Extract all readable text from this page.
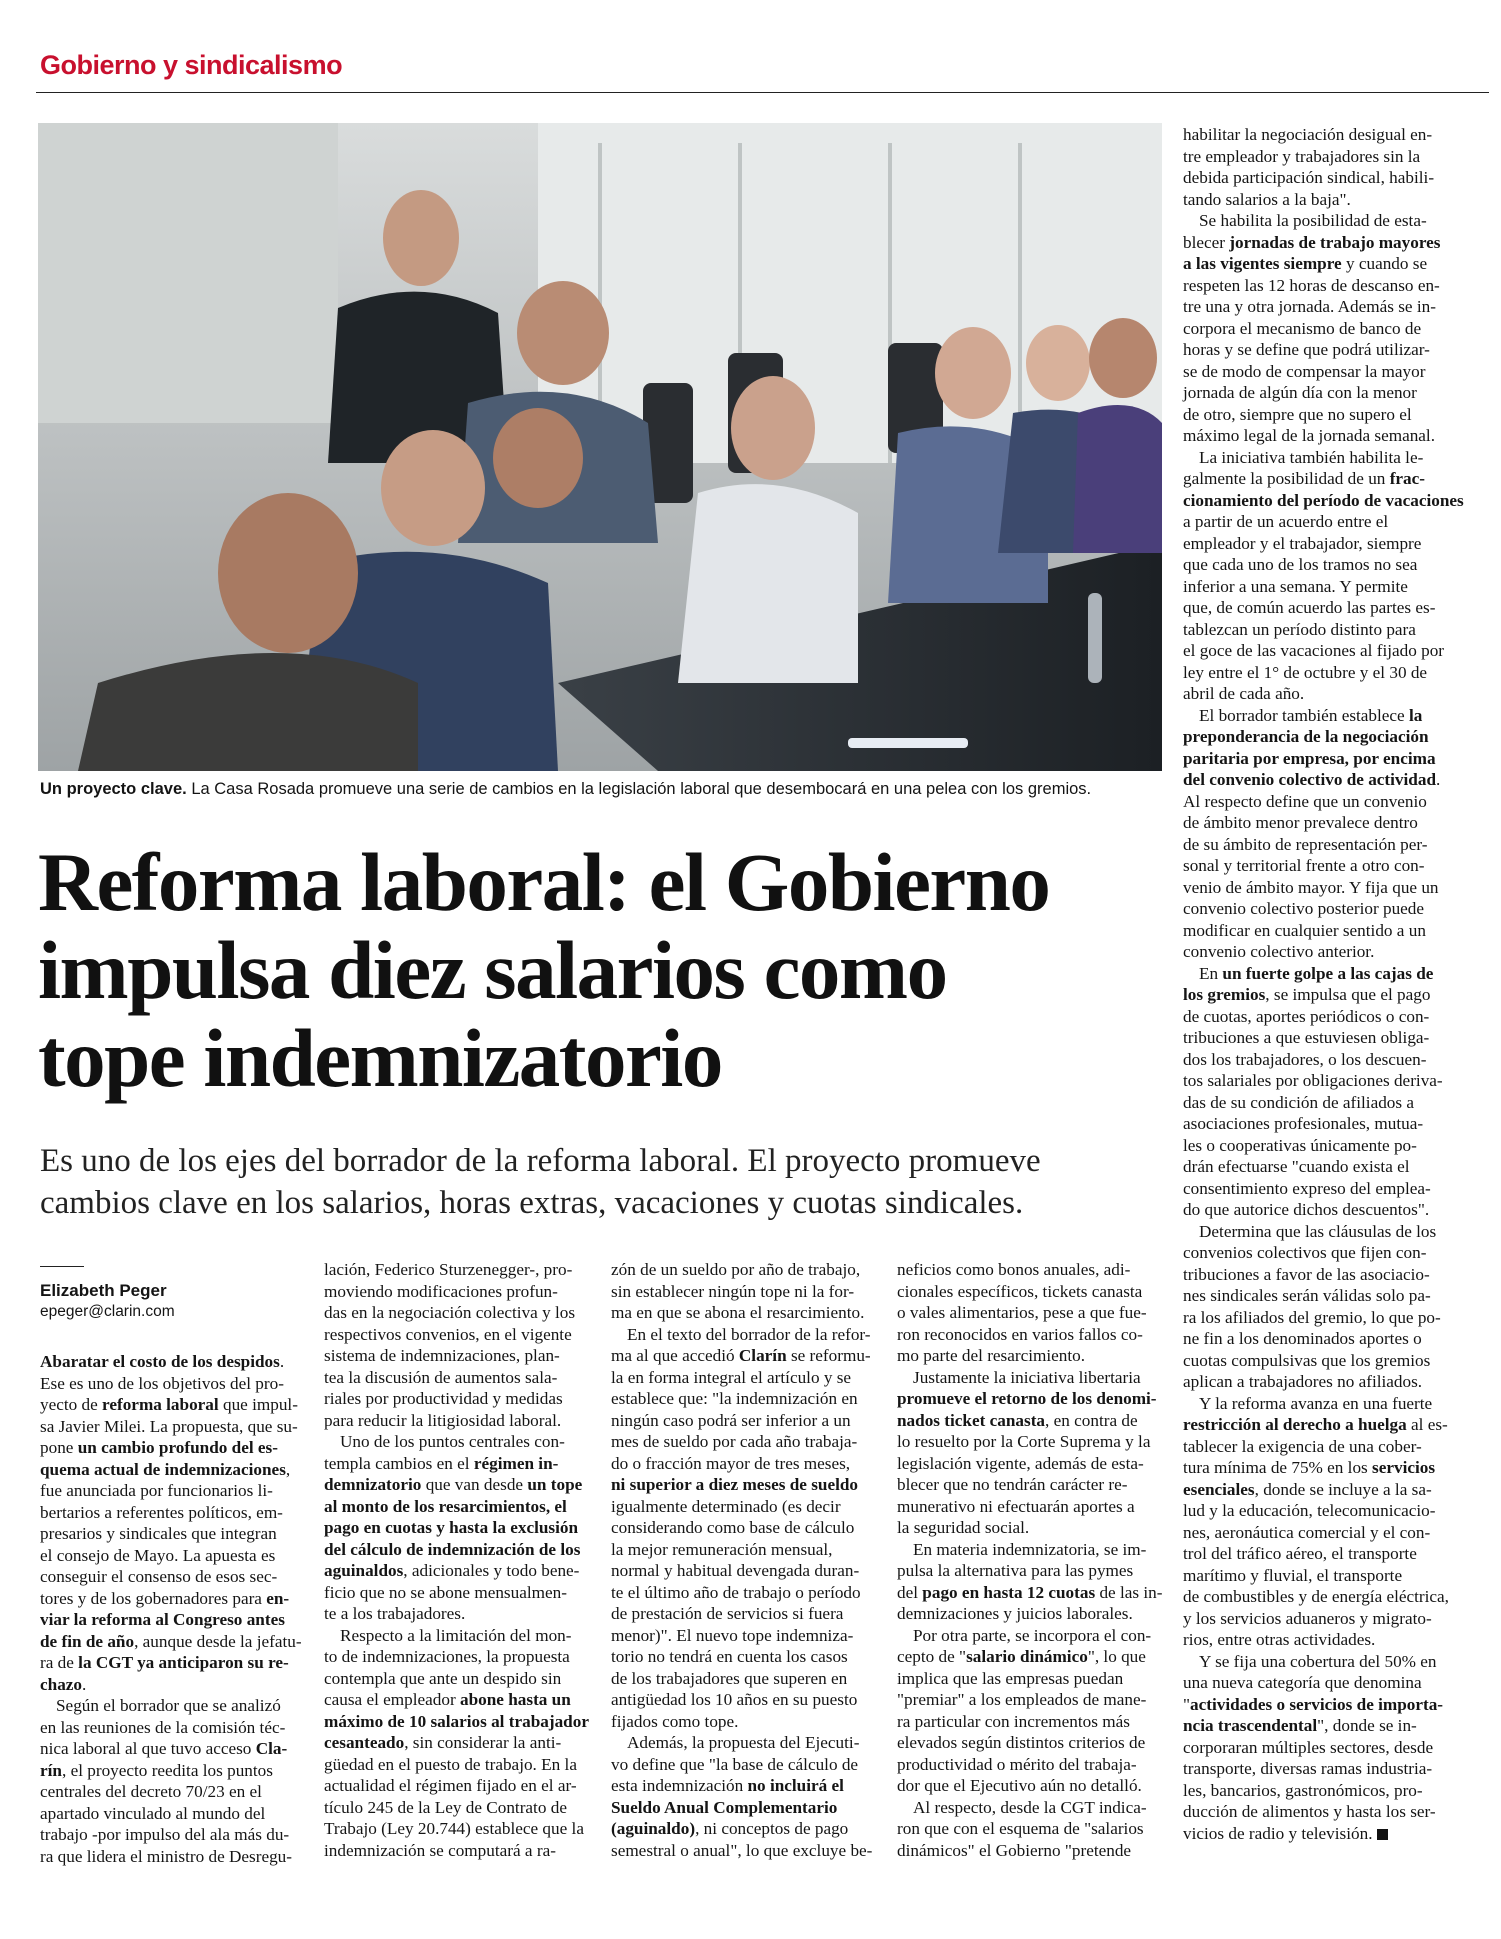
Gobierno y sindicalismo
Un proyecto clave. La Casa Rosada promueve una serie de cambios en la legislación laboral que desembocará en una pelea con los gremios.
Reforma laboral: el Gobierno
impulsa diez salarios como
tope indemnizatorio
Es uno de los ejes del borrador de la reforma laboral. El proyecto promueve
cambios clave en los salarios, horas extras, vacaciones y cuotas sindicales.
Elizabeth Peger
epeger@clarin.com
Abaratar el costo de los despidos.
Ese es uno de los objetivos del pro-
yecto de reforma laboral que impul-
sa Javier Milei. La propuesta, que su-
pone un cambio profundo del es-
quema actual de indemnizaciones,
fue anunciada por funcionarios li-
bertarios a referentes políticos, em-
presarios y sindicales que integran
el consejo de Mayo. La apuesta es
conseguir el consenso de esos sec-
tores y de los gobernadores para en-
viar la reforma al Congreso antes
de fin de año, aunque desde la jefatu-
ra de la CGT ya anticiparon su re-
chazo.
Según el borrador que se analizó
en las reuniones de la comisión téc-
nica laboral al que tuvo acceso Cla-
rín, el proyecto reedita los puntos
centrales del decreto 70/23 en el
apartado vinculado al mundo del
trabajo -por impulso del ala más du-
ra que lidera el ministro de Desregu-
lación, Federico Sturzenegger-, pro-
moviendo modificaciones profun-
das en la negociación colectiva y los
respectivos convenios, en el vigente
sistema de indemnizaciones, plan-
tea la discusión de aumentos sala-
riales por productividad y medidas
para reducir la litigiosidad laboral.
Uno de los puntos centrales con-
templa cambios en el régimen in-
demnizatorio que van desde un tope
al monto de los resarcimientos, el
pago en cuotas y hasta la exclusión
del cálculo de indemnización de los
aguinaldos, adicionales y todo bene-
ficio que no se abone mensualmen-
te a los trabajadores.
Respecto a la limitación del mon-
to de indemnizaciones, la propuesta
contempla que ante un despido sin
causa el empleador abone hasta un
máximo de 10 salarios al trabajador
cesanteado, sin considerar la anti-
güedad en el puesto de trabajo. En la
actualidad el régimen fijado en el ar-
tículo 245 de la Ley de Contrato de
Trabajo (Ley 20.744) establece que la
indemnización se computará a ra-
zón de un sueldo por año de trabajo,
sin establecer ningún tope ni la for-
ma en que se abona el resarcimiento.
En el texto del borrador de la refor-
ma al que accedió Clarín se reformu-
la en forma integral el artículo y se
establece que: "la indemnización en
ningún caso podrá ser inferior a un
mes de sueldo por cada año trabaja-
do o fracción mayor de tres meses,
ni superior a diez meses de sueldo
igualmente determinado (es decir
considerando como base de cálculo
la mejor remuneración mensual,
normal y habitual devengada duran-
te el último año de trabajo o período
de prestación de servicios si fuera
menor)". El nuevo tope indemniza-
torio no tendrá en cuenta los casos
de los trabajadores que superen en
antigüedad los 10 años en su puesto
fijados como tope.
Además, la propuesta del Ejecuti-
vo define que "la base de cálculo de
esta indemnización no incluirá el
Sueldo Anual Complementario
(aguinaldo), ni conceptos de pago
semestral o anual", lo que excluye be-
neficios como bonos anuales, adi-
cionales específicos, tickets canasta
o vales alimentarios, pese a que fue-
ron reconocidos en varios fallos co-
mo parte del resarcimiento.
Justamente la iniciativa libertaria
promueve el retorno de los denomi-
nados ticket canasta, en contra de
lo resuelto por la Corte Suprema y la
legislación vigente, además de esta-
blecer que no tendrán carácter re-
munerativo ni efectuarán aportes a
la seguridad social.
En materia indemnizatoria, se im-
pulsa la alternativa para las pymes
del pago en hasta 12 cuotas de las in-
demnizaciones y juicios laborales.
Por otra parte, se incorpora el con-
cepto de "salario dinámico", lo que
implica que las empresas puedan
"premiar" a los empleados de mane-
ra particular con incrementos más
elevados según distintos criterios de
productividad o mérito del trabaja-
dor que el Ejecutivo aún no detalló.
Al respecto, desde la CGT indica-
ron que con el esquema de "salarios
dinámicos" el Gobierno "pretende
habilitar la negociación desigual en-
tre empleador y trabajadores sin la
debida participación sindical, habili-
tando salarios a la baja".
Se habilita la posibilidad de esta-
blecer jornadas de trabajo mayores
a las vigentes siempre y cuando se
respeten las 12 horas de descanso en-
tre una y otra jornada. Además se in-
corpora el mecanismo de banco de
horas y se define que podrá utilizar-
se de modo de compensar la mayor
jornada de algún día con la menor
de otro, siempre que no supero el
máximo legal de la jornada semanal.
La iniciativa también habilita le-
galmente la posibilidad de un frac-
cionamiento del período de vacaciones
a partir de un acuerdo entre el
empleador y el trabajador, siempre
que cada uno de los tramos no sea
inferior a una semana. Y permite
que, de común acuerdo las partes es-
tablezcan un período distinto para
el goce de las vacaciones al fijado por
ley entre el 1° de octubre y el 30 de
abril de cada año.
El borrador también establece la
preponderancia de la negociación
paritaria por empresa, por encima
del convenio colectivo de actividad.
Al respecto define que un convenio
de ámbito menor prevalece dentro
de su ámbito de representación per-
sonal y territorial frente a otro con-
venio de ámbito mayor. Y fija que un
convenio colectivo posterior puede
modificar en cualquier sentido a un
convenio colectivo anterior.
En un fuerte golpe a las cajas de
los gremios, se impulsa que el pago
de cuotas, aportes periódicos o con-
tribuciones a que estuviesen obliga-
dos los trabajadores, o los descuen-
tos salariales por obligaciones deriva-
das de su condición de afiliados a
asociaciones profesionales, mutua-
les o cooperativas únicamente po-
drán efectuarse "cuando exista el
consentimiento expreso del emplea-
do que autorice dichos descuentos".
Determina que las cláusulas de los
convenios colectivos que fijen con-
tribuciones a favor de las asociacio-
nes sindicales serán válidas solo pa-
ra los afiliados del gremio, lo que po-
ne fin a los denominados aportes o
cuotas compulsivas que los gremios
aplican a trabajadores no afiliados.
Y la reforma avanza en una fuerte
restricción al derecho a huelga al es-
tablecer la exigencia de una cober-
tura mínima de 75% en los servicios
esenciales, donde se incluye a la sa-
lud y la educación, telecomunicacio-
nes, aeronáutica comercial y el con-
trol del tráfico aéreo, el transporte
marítimo y fluvial, el transporte
de combustibles y de energía eléctrica,
y los servicios aduaneros y migrato-
rios, entre otras actividades.
Y se fija una cobertura del 50% en
una nueva categoría que denomina
"actividades o servicios de importa-
ncia trascendental", donde se in-
corporaran múltiples sectores, desde
transporte, diversas ramas industria-
les, bancarios, gastronómicos, pro-
ducción de alimentos y hasta los ser-
vicios de radio y televisión.
